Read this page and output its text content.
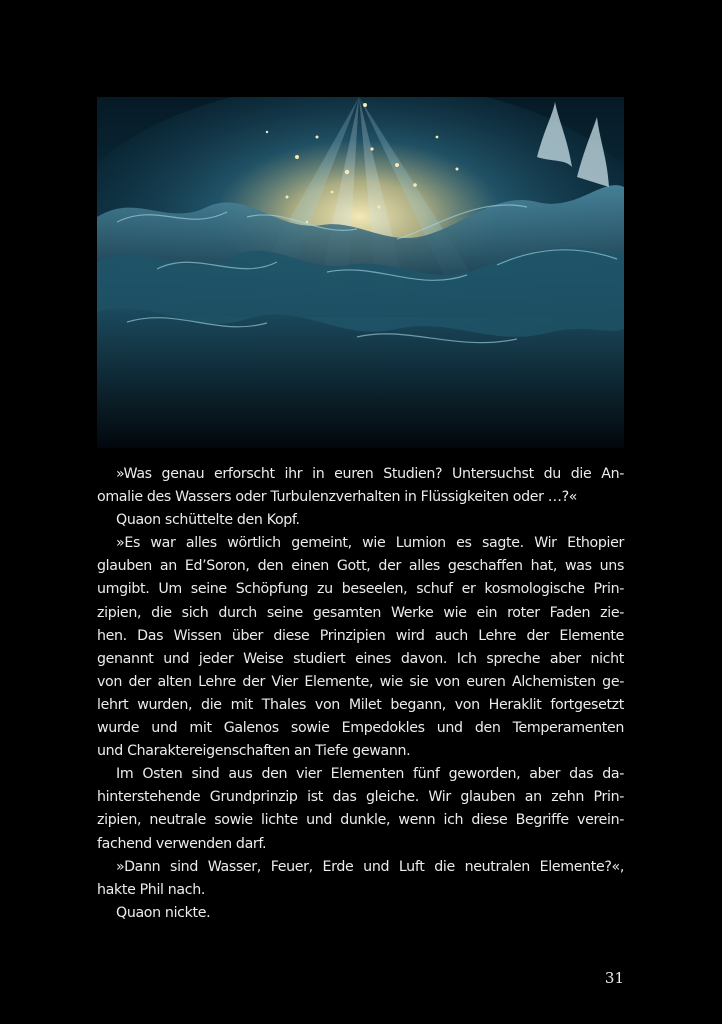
»Was genau erforscht ihr in euren Studien? Untersuchst du die An-
omalie des Wassers oder Turbulenzverhalten in Flüssigkeiten oder …?«
Quaon schüttelte den Kopf.
»Es war alles wörtlich gemeint, wie Lumion es sagte. Wir Ethopier
glauben an Ed’Soron, den einen Gott, der alles geschaffen hat, was uns
umgibt. Um seine Schöpfung zu beseelen, schuf er kosmologische Prin-
zipien, die sich durch seine gesamten Werke wie ein roter Faden zie-
hen. Das Wissen über diese Prinzipien wird auch Lehre der Elemente
genannt und jeder Weise studiert eines davon. Ich spreche aber nicht
von der alten Lehre der Vier Elemente, wie sie von euren Alchemisten ge-
lehrt wurden, die mit Thales von Milet begann, von Heraklit fortgesetzt
wurde und mit Galenos sowie Empedokles und den Temperamenten
und Charaktereigenschaften an Tiefe gewann.
Im Osten sind aus den vier Elementen fünf geworden, aber das da-
hinterstehende Grundprinzip ist das gleiche. Wir glauben an zehn Prin-
zipien, neutrale sowie lichte und dunkle, wenn ich diese Begriffe verein-
fachend verwenden darf.
»Dann sind Wasser, Feuer, Erde und Luft die neutralen Elemente?«,
hakte Phil nach.
Quaon nickte.
31
